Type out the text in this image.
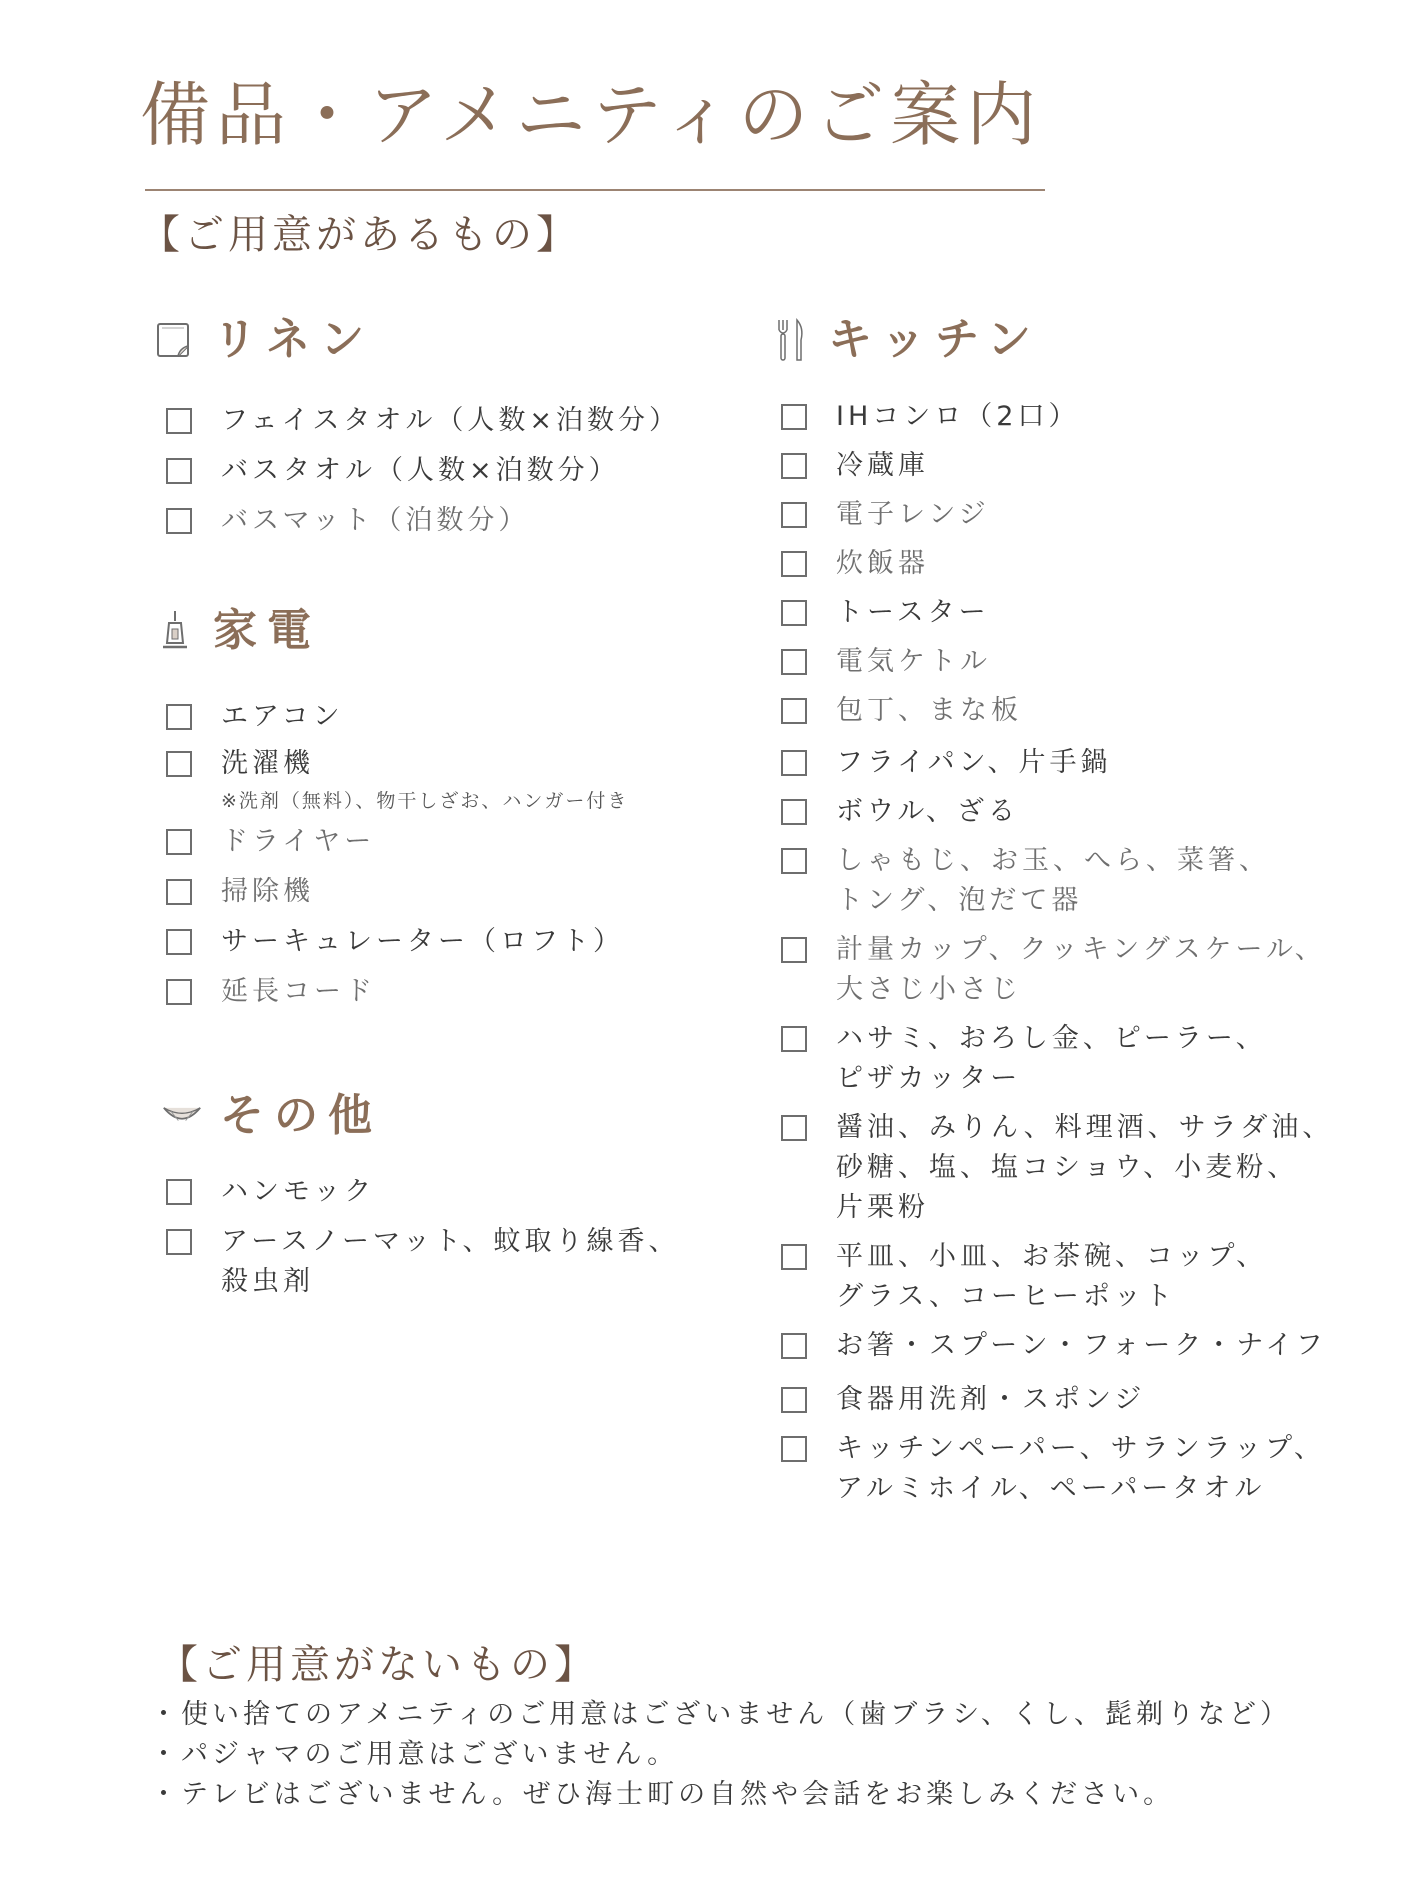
備品・アメニティのご案内
【ご用意があるもの】
リネン
フェイスタオル（人数×泊数分）
バスタオル（人数×泊数分）
バスマット（泊数分）
家電
エアコン
洗濯機
※洗剤（無料）、物干しざお、ハンガー付き
ドライヤー
掃除機
サーキュレーター（ロフト）
延長コード
その他
ハンモック
アースノーマット、蚊取り線香、
殺虫剤
キッチン
IHコンロ（2口）
冷蔵庫
電子レンジ
炊飯器
トースター
電気ケトル
包丁、まな板
フライパン、片手鍋
ボウル、ざる
しゃもじ、お玉、へら、菜箸、
トング、泡だて器
計量カップ、クッキングスケール、
大さじ小さじ
ハサミ、おろし金、ピーラー、
ピザカッター
醤油、みりん、料理酒、サラダ油、
砂糖、塩、塩コショウ、小麦粉、
片栗粉
平皿、小皿、お茶碗、コップ、
グラス、コーヒーポット
お箸・スプーン・フォーク・ナイフ
食器用洗剤・スポンジ
キッチンペーパー、サランラップ、
アルミホイル、ペーパータオル
【ご用意がないもの】
・使い捨てのアメニティのご用意はございません（歯ブラシ、くし、髭剃りなど）
・パジャマのご用意はございません。
・テレビはございません。ぜひ海士町の自然や会話をお楽しみください。
